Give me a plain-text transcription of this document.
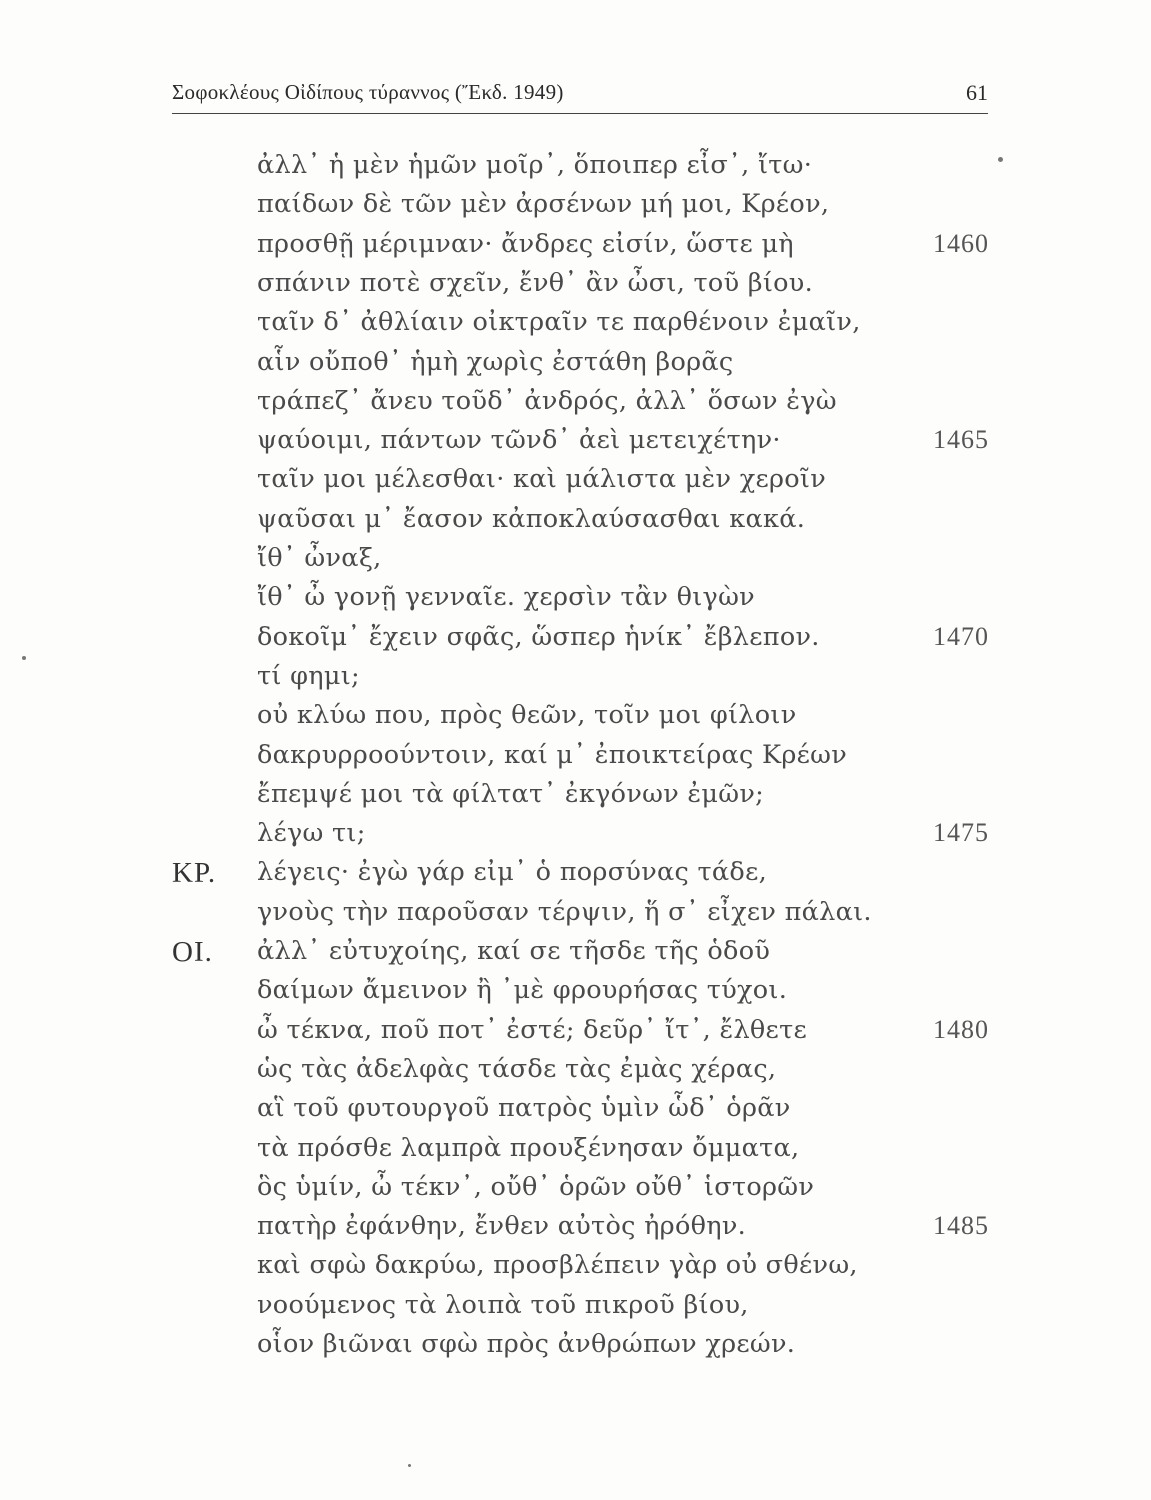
Σοφοκλέους Οἰδίπους τύραννος (Ἔκδ. 1949)	61
ἀλλ᾽ ἡ μὲν ἡμῶν μοῖρ᾽, ὅποιπερ εἶσ᾽, ἴτω·
παίδων δὲ τῶν μὲν ἀρσένων μή μοι, Κρέον,
προσθῇ μέριμναν· ἄνδρες εἰσίν, ὥστε μὴ	1460
σπάνιν ποτὲ σχεῖν, ἔνθ᾽ ἂν ὦσι, τοῦ βίου.
ταῖν δ᾽ ἀθλίαιν οἰκτραῖν τε παρθένοιν ἐμαῖν,
αἷν οὔποθ᾽ ἡμὴ χωρὶς ἐστάθη βορᾶς
τράπεζ᾽ ἄνευ τοῦδ᾽ ἀνδρός, ἀλλ᾽ ὅσων ἐγὼ
ψαύοιμι, πάντων τῶνδ᾽ ἀεὶ μετειχέτην·	1465
ταῖν μοι μέλεσθαι· καὶ μάλιστα μὲν χεροῖν
ψαῦσαι μ᾽ ἔασον κἀποκλαύσασθαι κακά.
ἴθ᾽ ὦναξ,
ἴθ᾽ ὦ γονῇ γενναῖε. χερσὶν τἂν θιγὼν
δοκοῖμ᾽ ἔχειν σφᾶς, ὥσπερ ἡνίκ᾽ ἔβλεπον.	1470
τί φημι;
οὐ κλύω που, πρὸς θεῶν, τοῖν μοι φίλοιν
δακρυρροούντοιν, καί μ᾽ ἐποικτείρας Κρέων
ἔπεμψέ μοι τὰ φίλτατ᾽ ἐκγόνων ἐμῶν;
λέγω τι;	1475
ΚΡ. λέγεις· ἐγὼ γάρ εἰμ᾽ ὁ πορσύνας τάδε,
γνοὺς τὴν παροῦσαν τέρψιν, ἥ σ᾽ εἶχεν πάλαι.
ΟΙ. ἀλλ᾽ εὐτυχοίης, καί σε τῆσδε τῆς ὁδοῦ
δαίμων ἄμεινον ἢ ᾽μὲ φρουρήσας τύχοι.
ὦ τέκνα, ποῦ ποτ᾽ ἐστέ; δεῦρ᾽ ἴτ᾽, ἔλθετε	1480
ὡς τὰς ἀδελφὰς τάσδε τὰς ἐμὰς χέρας,
αἳ τοῦ φυτουργοῦ πατρὸς ὑμὶν ὧδ᾽ ὁρᾶν
τὰ πρόσθε λαμπρὰ προυξένησαν ὄμματα,
ὃς ὑμίν, ὦ τέκν᾽, οὔθ᾽ ὁρῶν οὔθ᾽ ἱστορῶν
πατὴρ ἐφάνθην, ἔνθεν αὐτὸς ἠρόθην.	1485
καὶ σφὼ δακρύω, προσβλέπειν γὰρ οὐ σθένω,
νοούμενος τὰ λοιπὰ τοῦ πικροῦ βίου,
οἷον βιῶναι σφὼ πρὸς ἀνθρώπων χρεών.
